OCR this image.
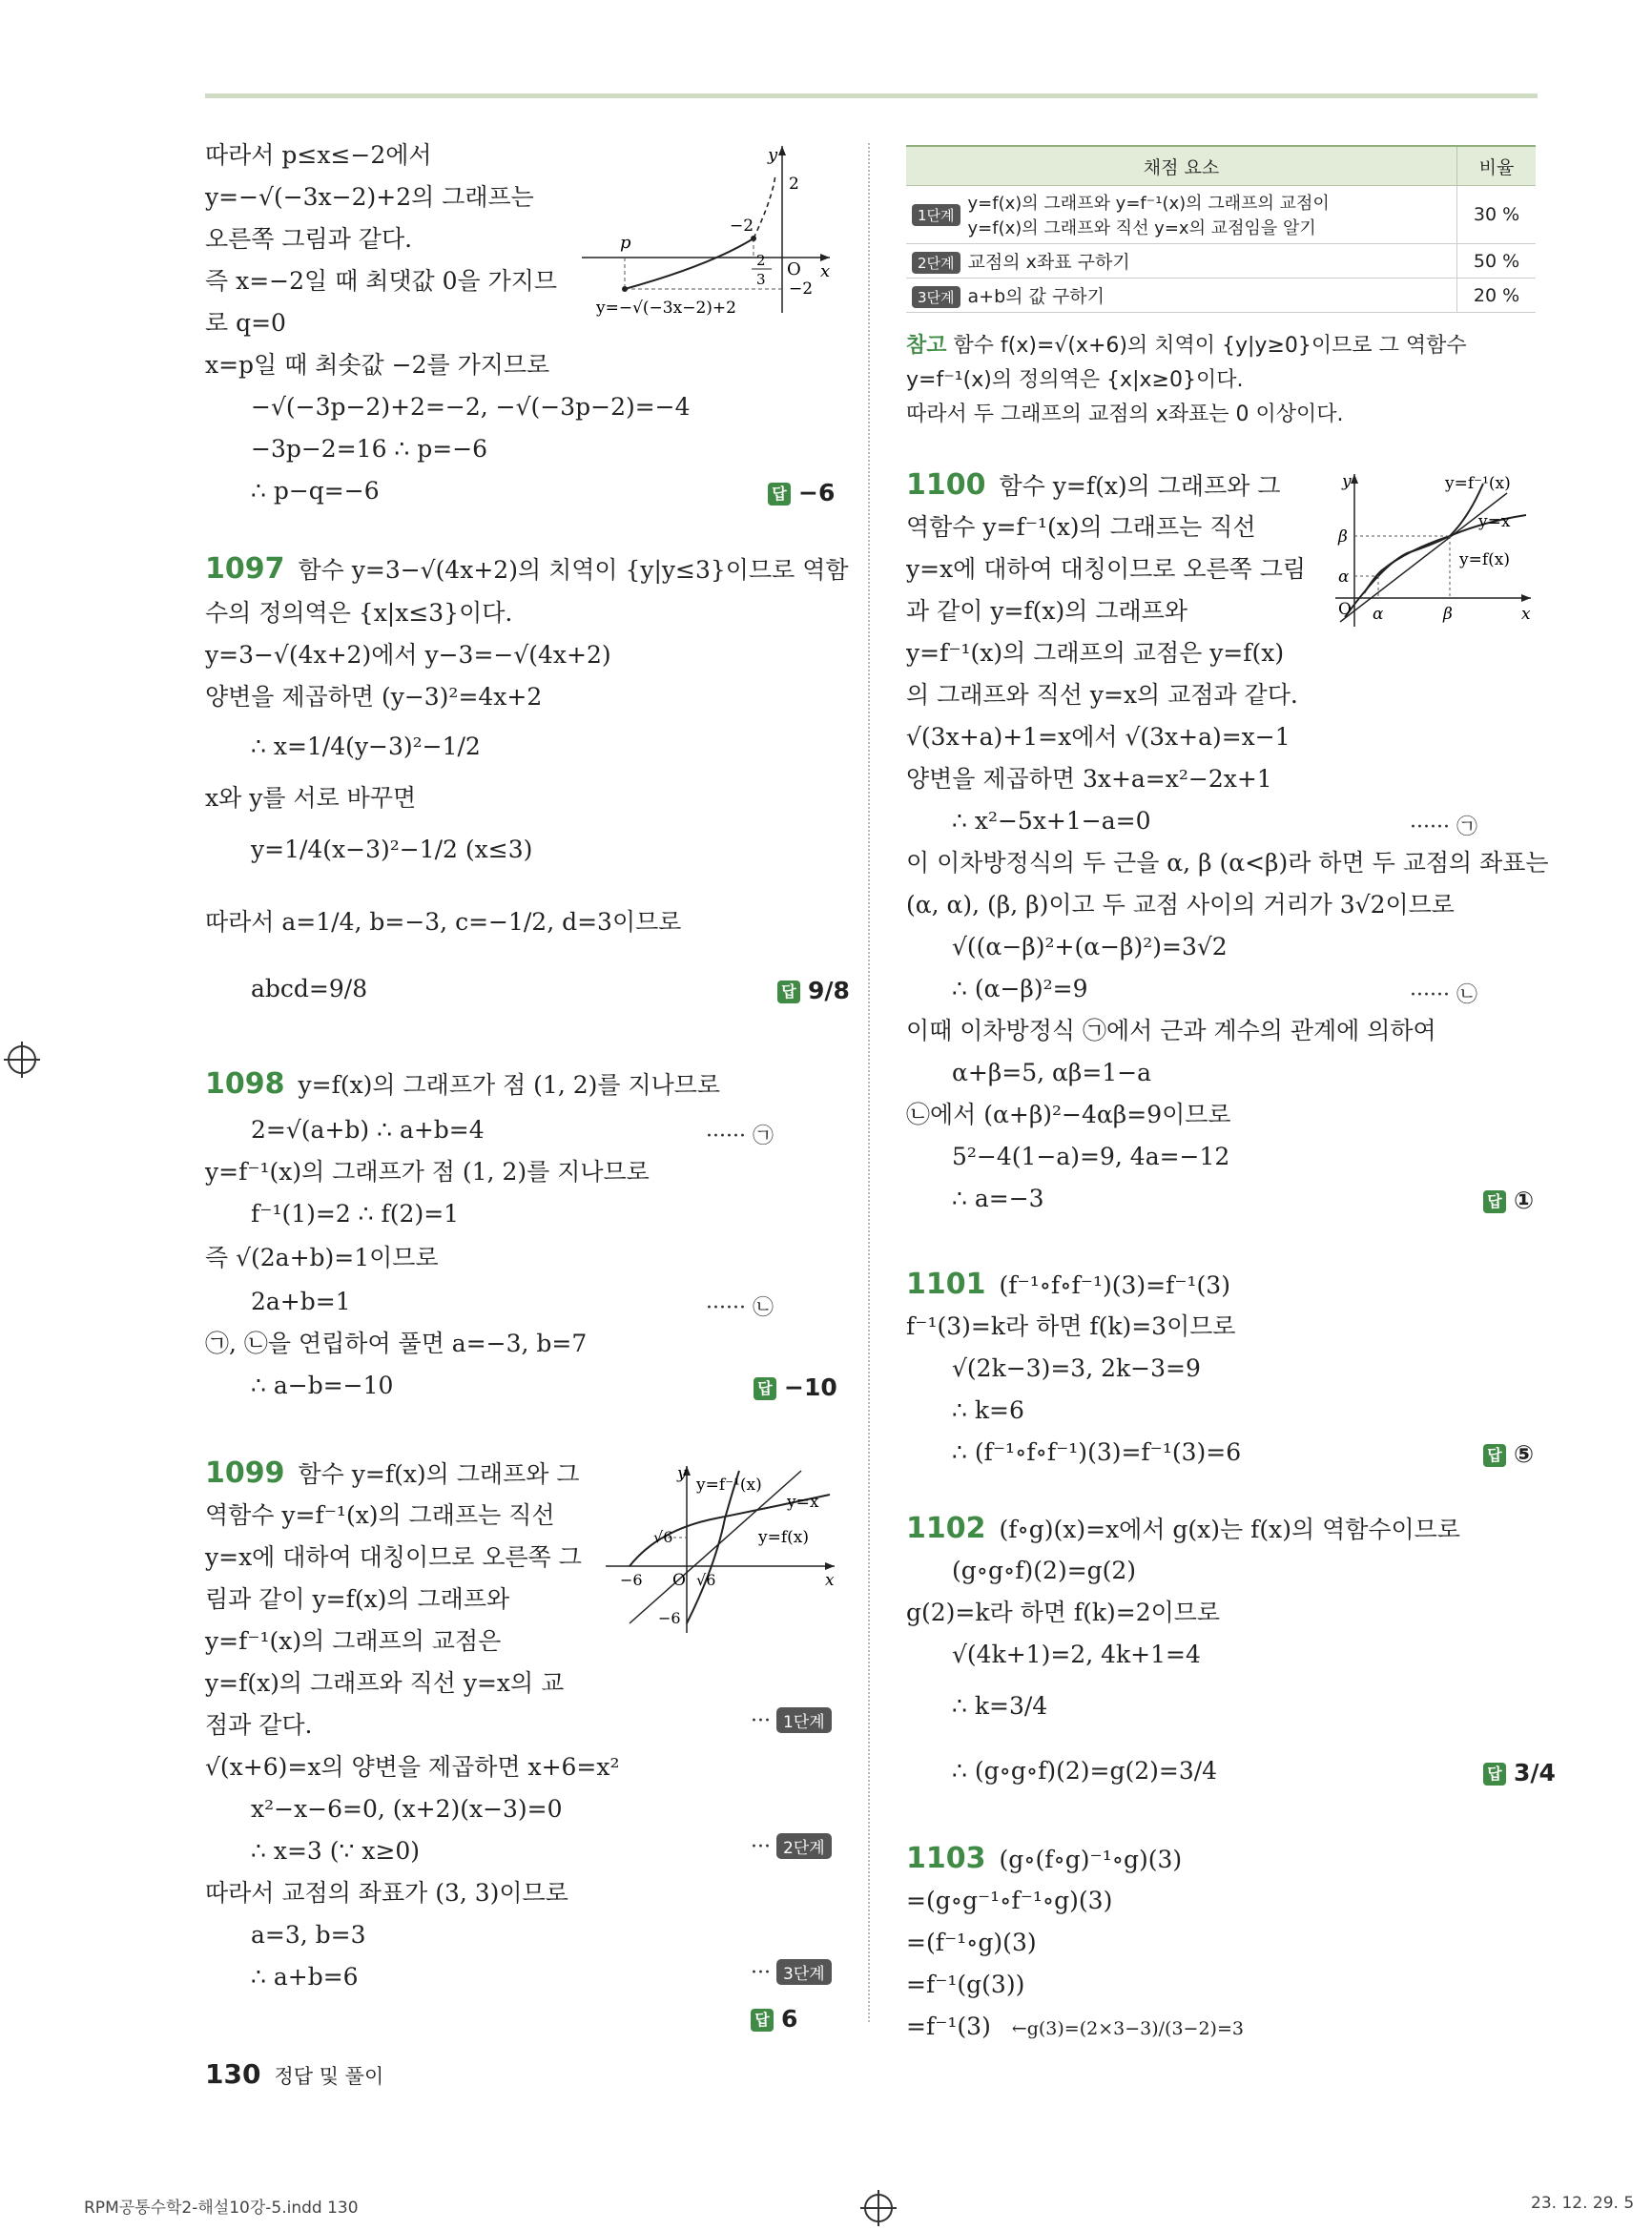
따라서 p≤x≤−2에서
y=−√(−3x−2)+2의 그래프는
오른쪽 그림과 같다.
즉 x=−2일 때 최댓값 0을 가지므
로 q=0
x=p일 때 최솟값 −2를 가지므로
−√(−3p−2)+2=−2, −√(−3p−2)=−4
−3p−2=16 ∴ p=−6
∴ p−q=−6	답 −6
y
x
O
2
p
−2
2
3 −2
y=−√(−3x−2)+2
1097 함수 y=3−√(4x+2)의 치역이 {y|y≤3}이므로 역함
수의 정의역은 {x|x≤3}이다.
y=3−√(4x+2)에서 y−3=−√(4x+2)
양변을 제곱하면 (y−3)²=4x+2
∴ x=1/4(y−3)²−1/2
x와 y를 서로 바꾸면
y=1/4(x−3)²−1/2 (x≤3)
따라서 a=1/4, b=−3, c=−1/2, d=3이므로
abcd=9/8	답 9/8
1098 y=f(x)의 그래프가 점 (1, 2)를 지나므로
2=√(a+b) ∴ a+b=4	······ ㉠
y=f⁻¹(x)의 그래프가 점 (1, 2)를 지나므로
f⁻¹(1)=2 ∴ f(2)=1
즉 √(2a+b)=1이므로
2a+b=1	······ ㉡
㉠, ㉡을 연립하여 풀면 a=−3, b=7
∴ a−b=−10	답 −10
1099 함수 y=f(x)의 그래프와 그
역함수 y=f⁻¹(x)의 그래프는 직선
y=x에 대하여 대칭이므로 오른쪽 그
림과 같이 y=f(x)의 그래프와
y=f⁻¹(x)의 그래프의 교점은
y=f(x)의 그래프와 직선 y=x의 교
점과 같다.	··· 1단계
√(x+6)=x의 양변을 제곱하면 x+6=x²
x²−x−6=0, (x+2)(x−3)=0
∴ x=3 (∵ x≥0)	··· 2단계
따라서 교점의 좌표가 (3, 3)이므로
a=3, b=3
∴ a+b=6	··· 3단계
답 6
y
x
O
y=f⁻¹(x)
y=x
y=f(x)
√6
−6
−6
√6
채점 요소	비율
1단계y=f(x)의 그래프와 y=f⁻¹(x)의 그래프의 교점이
y=f(x)의 그래프와 직선 y=x의 교점임을 알기	30 %
2단계 교점의 x좌표 구하기	50 %
3단계 a+b의 값 구하기	20 %
참고 함수 f(x)=√(x+6)의 치역이 {y|y≥0}이므로 그 역함수
y=f⁻¹(x)의 정의역은 {x|x≥0}이다.
따라서 두 그래프의 교점의 x좌표는 0 이상이다.
1100 함수 y=f(x)의 그래프와 그
역함수 y=f⁻¹(x)의 그래프는 직선
y=x에 대하여 대칭이므로 오른쪽 그림
과 같이 y=f(x)의 그래프와
y=f⁻¹(x)의 그래프의 교점은 y=f(x)
의 그래프와 직선 y=x의 교점과 같다.
√(3x+a)+1=x에서 √(3x+a)=x−1
양변을 제곱하면 3x+a=x²−2x+1
∴ x²−5x+1−a=0	······ ㉠
이 이차방정식의 두 근을 α, β (α<β)라 하면 두 교점의 좌표는
(α, α), (β, β)이고 두 교점 사이의 거리가 3√2이므로
√((α−β)²+(α−β)²)=3√2
∴ (α−β)²=9	······ ㉡
이때 이차방정식 ㉠에서 근과 계수의 관계에 의하여
α+β=5, αβ=1−a
㉡에서 (α+β)²−4αβ=9이므로
5²−4(1−a)=9, 4a=−12
∴ a=−3	답 ①
y
x
O
y=f⁻¹(x)
y=x
y=f(x)
β
α
α	β
1101 (f⁻¹∘f∘f⁻¹)(3)=f⁻¹(3)
f⁻¹(3)=k라 하면 f(k)=3이므로
√(2k−3)=3, 2k−3=9
∴ k=6
∴ (f⁻¹∘f∘f⁻¹)(3)=f⁻¹(3)=6	답 ⑤
1102 (f∘g)(x)=x에서 g(x)는 f(x)의 역함수이므로
(g∘g∘f)(2)=g(2)
g(2)=k라 하면 f(k)=2이므로
√(4k+1)=2, 4k+1=4
∴ k=3/4
∴ (g∘g∘f)(2)=g(2)=3/4	답 3/4
1103 (g∘(f∘g)⁻¹∘g)(3)
=(g∘g⁻¹∘f⁻¹∘g)(3)
=(f⁻¹∘g)(3)
=f⁻¹(g(3))
=f⁻¹(3) ←g(3)=(2×3−3)/(3−2)=3
130 정답 및 풀이
RPM공통수학2-해설10강-5.indd 130	23. 12. 29. 5
